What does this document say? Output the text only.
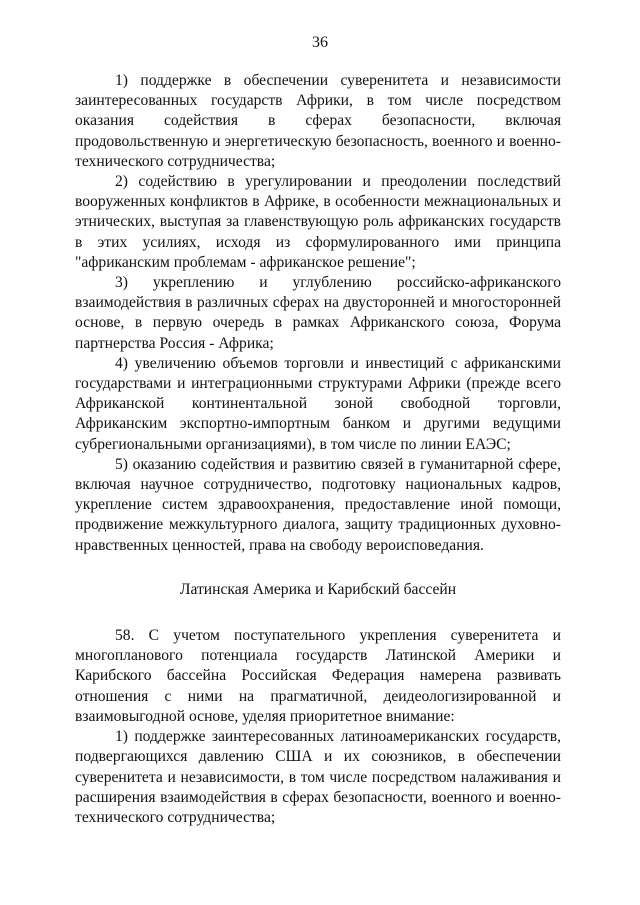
36

1) поддержке в обеспечении суверенитета и независимости заинтересованных государств Африки, в том числе посредством оказания содействия в сферах безопасности, включая продовольственную и энергетическую безопасность, военного и военно-технического сотрудничества;

2) содействию в урегулировании и преодолении последствий вооруженных конфликтов в Африке, в особенности межнациональных и этнических, выступая за главенствующую роль африканских государств в этих усилиях, исходя из сформулированного ими принципа "африканским проблемам - африканское решение";

3) укреплению и углублению российско-африканского взаимодействия в различных сферах на двусторонней и многосторонней основе, в первую очередь в рамках Африканского союза, Форума партнерства Россия - Африка;

4) увеличению объемов торговли и инвестиций с африканскими государствами и интеграционными структурами Африки (прежде всего Африканской континентальной зоной свободной торговли, Африканским экспортно-импортным банком и другими ведущими субрегиональными организациями), в том числе по линии ЕАЭС;

5) оказанию содействия и развитию связей в гуманитарной сфере, включая научное сотрудничество, подготовку национальных кадров, укрепление систем здравоохранения, предоставление иной помощи, продвижение межкультурного диалога, защиту традиционных духовно-нравственных ценностей, права на свободу вероисповедания.

Латинская Америка и Карибский бассейн

58. С учетом поступательного укрепления суверенитета и многопланового потенциала государств Латинской Америки и Карибского бассейна Российская Федерация намерена развивать отношения с ними на прагматичной, деидеологизированной и взаимовыгодной основе, уделяя приоритетное внимание:

1) поддержке заинтересованных латиноамериканских государств, подвергающихся давлению США и их союзников, в обеспечении суверенитета и независимости, в том числе посредством налаживания и расширения взаимодействия в сферах безопасности, военного и военно-технического сотрудничества;
